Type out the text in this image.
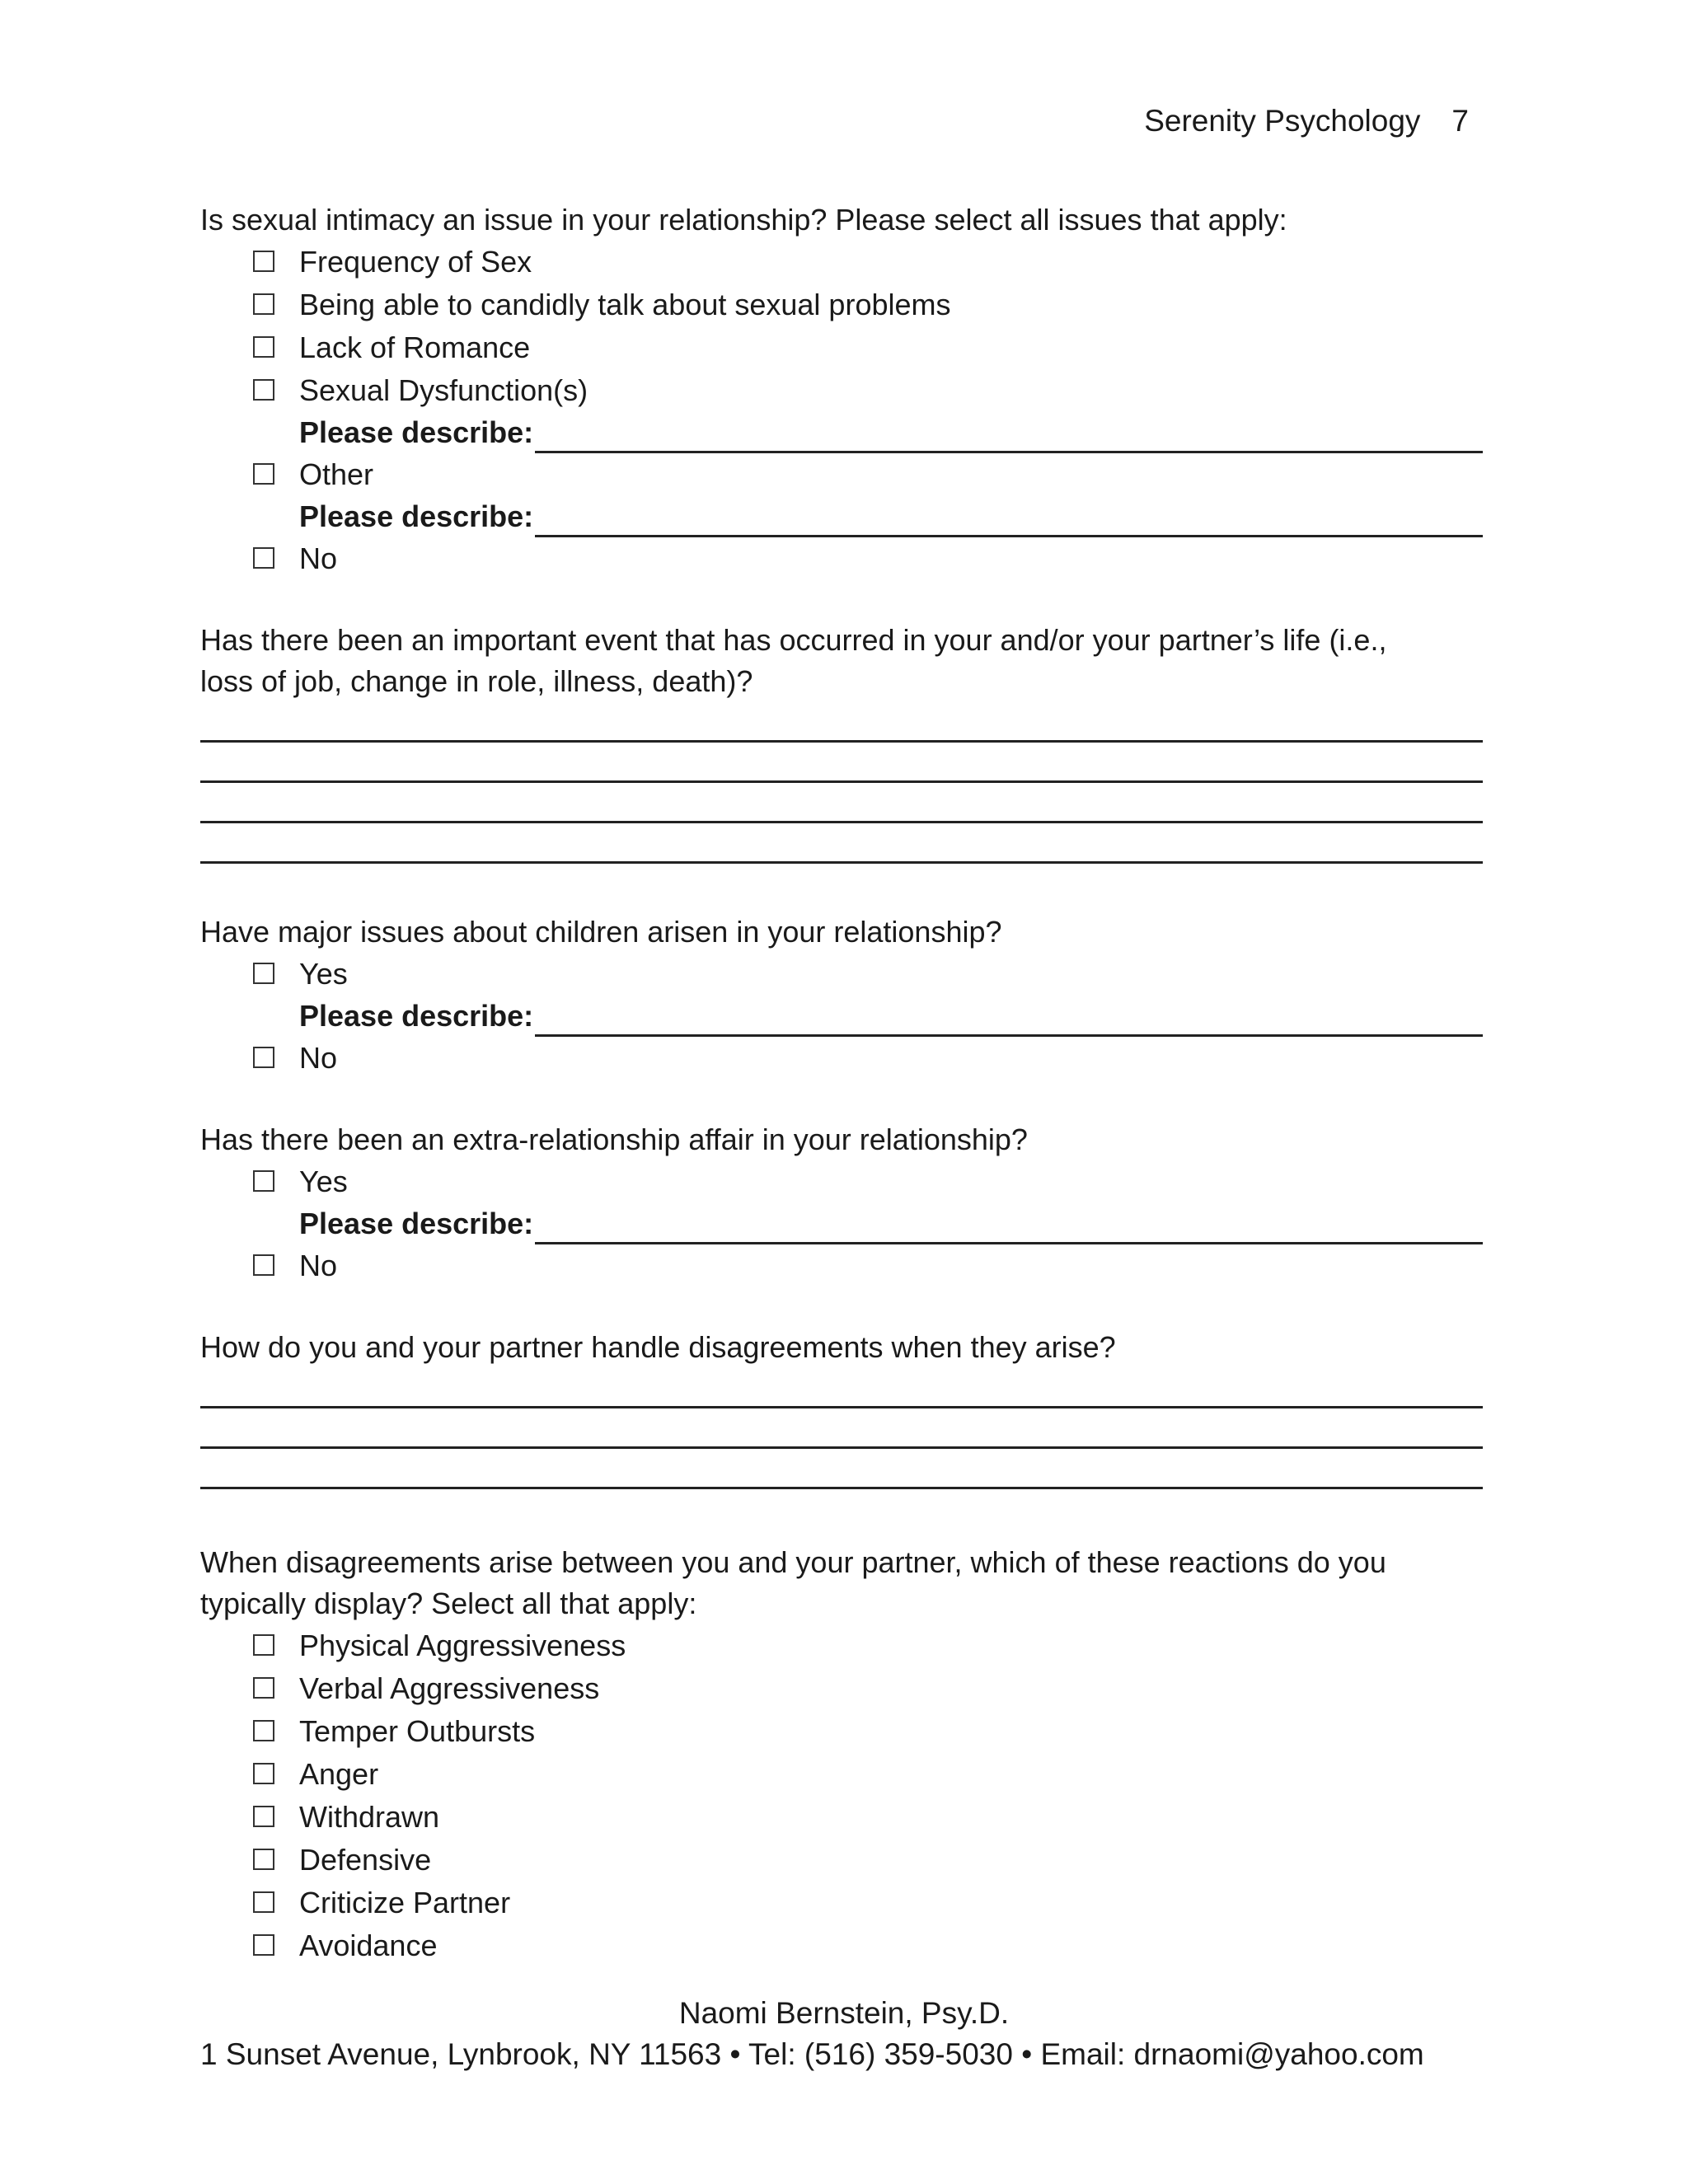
Serenity Psychology 7

Is sexual intimacy an issue in your relationship? Please select all issues that apply:

Frequency of Sex
Being able to candidly talk about sexual problems
Lack of Romance
Sexual Dysfunction(s)
Please describe:
Other
Please describe:
No

Has there been an important event that has occurred in your and/or your partner’s life (i.e.,
loss of job, change in role, illness, death)?

Have major issues about children arisen in your relationship?

Yes
Please describe:
No

Has there been an extra-relationship affair in your relationship?

Yes
Please describe:
No

How do you and your partner handle disagreements when they arise?

When disagreements arise between you and your partner, which of these reactions do you
typically display? Select all that apply:

Physical Aggressiveness
Verbal Aggressiveness
Temper Outbursts
Anger
Withdrawn
Defensive
Criticize Partner
Avoidance
Naomi Bernstein, Psy.D.
1 Sunset Avenue, Lynbrook, NY 11563 • Tel: (516) 359-5030 • Email: drnaomi@yahoo.com
